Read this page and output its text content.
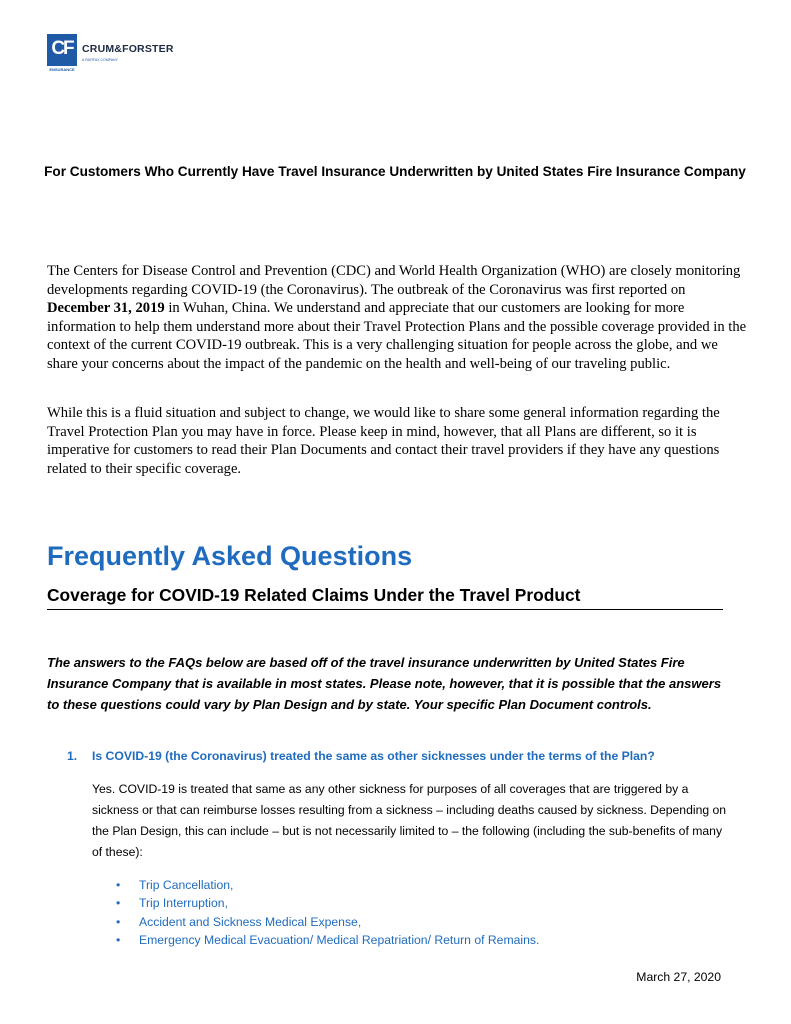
CF
ENSURANCE
CRUM&FORSTER
A FAIRFAX COMPANY
For Customers Who Currently Have Travel Insurance Underwritten by United States Fire Insurance Company
The Centers for Disease Control and Prevention (CDC) and World Health Organization (WHO) are closely monitoring developments regarding COVID-19 (the Coronavirus). The outbreak of the Coronavirus was first reported on December 31, 2019 in Wuhan, China. We understand and appreciate that our customers are looking for more information to help them understand more about their Travel Protection Plans and the possible coverage provided in the context of the current COVID-19 outbreak. This is a very challenging situation for people across the globe, and we share your concerns about the impact of the pandemic on the health and well-being of our traveling public.
While this is a fluid situation and subject to change, we would like to share some general information regarding the Travel Protection Plan you may have in force. Please keep in mind, however, that all Plans are different, so it is imperative for customers to read their Plan Documents and contact their travel providers if they have any questions related to their specific coverage.
Frequently Asked Questions
Coverage for COVID-19 Related Claims Under the Travel Product
The answers to the FAQs below are based off of the travel insurance underwritten by United States Fire Insurance Company that is available in most states. Please note, however, that it is possible that the answers to these questions could vary by Plan Design and by state. Your specific Plan Document controls.
1. Is COVID-19 (the Coronavirus) treated the same as other sicknesses under the terms of the Plan?
Yes. COVID-19 is treated that same as any other sickness for purposes of all coverages that are triggered by a sickness or that can reimburse losses resulting from a sickness – including deaths caused by sickness. Depending on the Plan Design, this can include – but is not necessarily limited to – the following (including the sub-benefits of many of these):
• Trip Cancellation,
• Trip Interruption,
• Accident and Sickness Medical Expense,
• Emergency Medical Evacuation/ Medical Repatriation/ Return of Remains.
March 27, 2020
